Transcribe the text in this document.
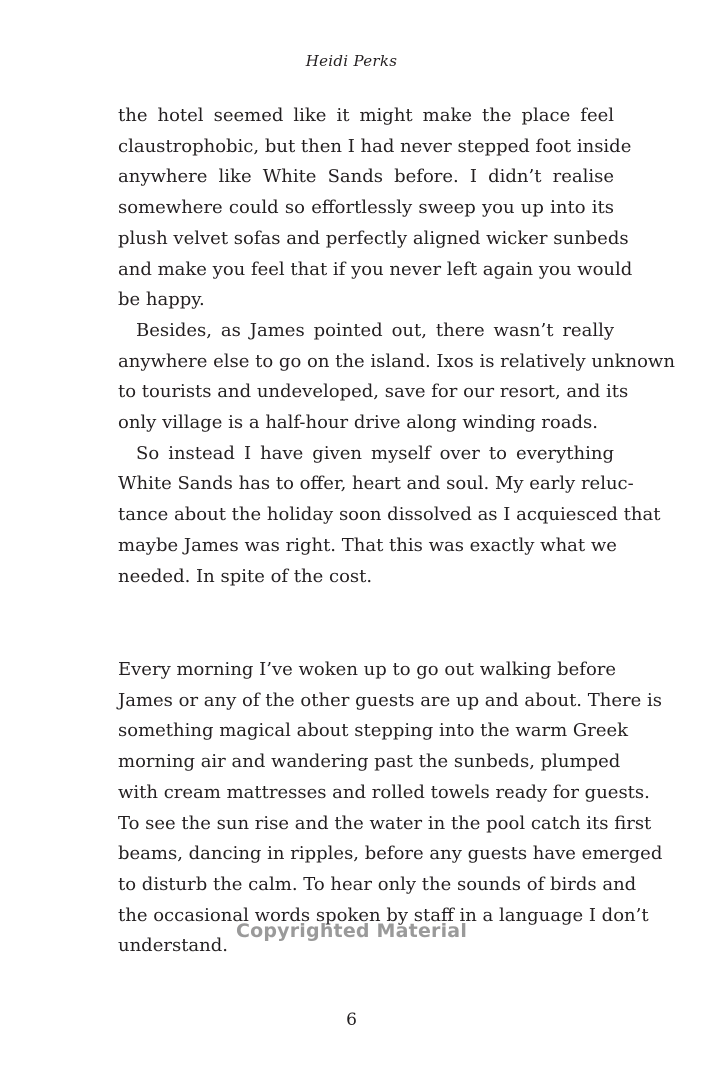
Heidi Perks
the hotel seemed like it might make the place feel
claustrophobic, but then I had never stepped foot inside
anywhere like White Sands before. I didn’t realise
somewhere could so effortlessly sweep you up into its
plush velvet sofas and perfectly aligned wicker sunbeds
and make you feel that if you never left again you would
be happy.
Besides, as James pointed out, there wasn’t really
anywhere else to go on the island. Ixos is relatively unknown
to tourists and undeveloped, save for our resort, and its
only village is a half-hour drive along winding roads.
So instead I have given myself over to everything
White Sands has to offer, heart and soul. My early reluc-
tance about the holiday soon dissolved as I acquiesced that
maybe James was right. That this was exactly what we
needed. In spite of the cost.
Every morning I’ve woken up to go out walking before
James or any of the other guests are up and about. There is
something magical about stepping into the warm Greek
morning air and wandering past the sunbeds, plumped
with cream mattresses and rolled towels ready for guests.
To see the sun rise and the water in the pool catch its first
beams, dancing in ripples, before any guests have emerged
to disturb the calm. To hear only the sounds of birds and
the occasional words spoken by staff in a language I don’t
understand.
Copyrighted Material
6
